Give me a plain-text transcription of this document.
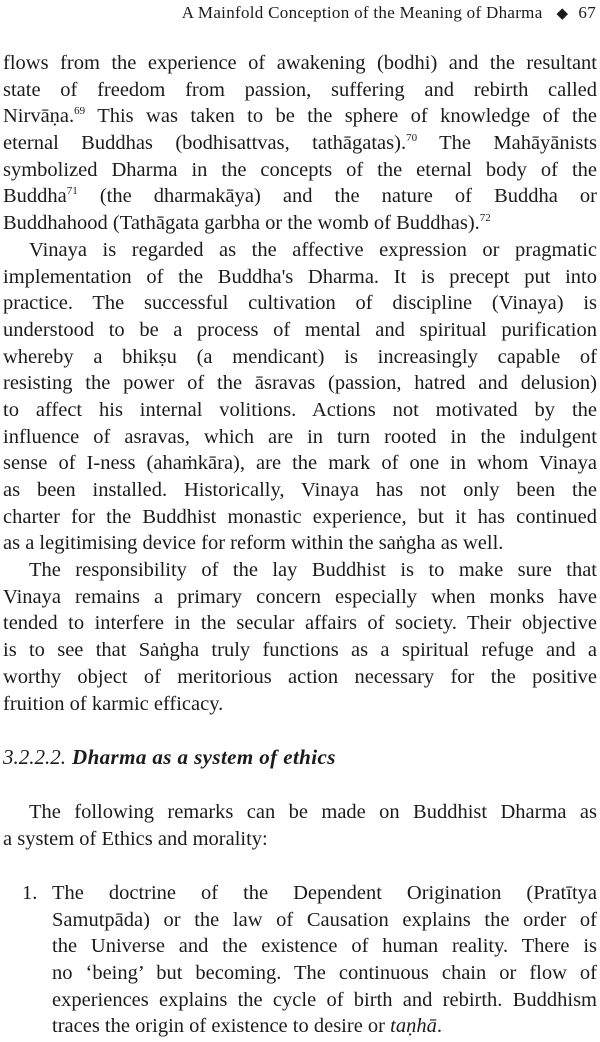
A Mainfold Conception of the Meaning of Dharma ◆ 67
flows from the experience of awakening (bodhi) and the resultant
state of freedom from passion, suffering and rebirth called
Nirvāṇa.$^{69}$ This was taken to be the sphere of knowledge of the
eternal Buddhas (bodhisattvas, tathāgatas).$^{70}$ The Mahāyānists
symbolized Dharma in the concepts of the eternal body of the
Buddha$^{71}$ (the dharmakāya) and the nature of Buddha or
Buddhahood (Tathāgata garbha or the womb of Buddhas).$^{72}$
Vinaya is regarded as the affective expression or pragmatic
implementation of the Buddha's Dharma. It is precept put into
practice. The successful cultivation of discipline (Vinaya) is
understood to be a process of mental and spiritual purification
whereby a bhikṣu (a mendicant) is increasingly capable of
resisting the power of the āsravas (passion, hatred and delusion)
to affect his internal volitions. Actions not motivated by the
influence of asravas, which are in turn rooted in the indulgent
sense of I-ness (ahaṁkāra), are the mark of one in whom Vinaya
as been installed. Historically, Vinaya has not only been the
charter for the Buddhist monastic experience, but it has continued
as a legitimising device for reform within the saṅgha as well.
The responsibility of the lay Buddhist is to make sure that
Vinaya remains a primary concern especially when monks have
tended to interfere in the secular affairs of society. Their objective
is to see that Saṅgha truly functions as a spiritual refuge and a
worthy object of meritorious action necessary for the positive
fruition of karmic efficacy.
3.2.2.2. Dharma as a system of ethics
The following remarks can be made on Buddhist Dharma as
a system of Ethics and morality:
1. The doctrine of the Dependent Origination (Pratītya
Samutpāda) or the law of Causation explains the order of
the Universe and the existence of human reality. There is
no ‘being’ but becoming. The continuous chain or flow of
experiences explains the cycle of birth and rebirth. Buddhism
traces the origin of existence to desire or taṇhā.
